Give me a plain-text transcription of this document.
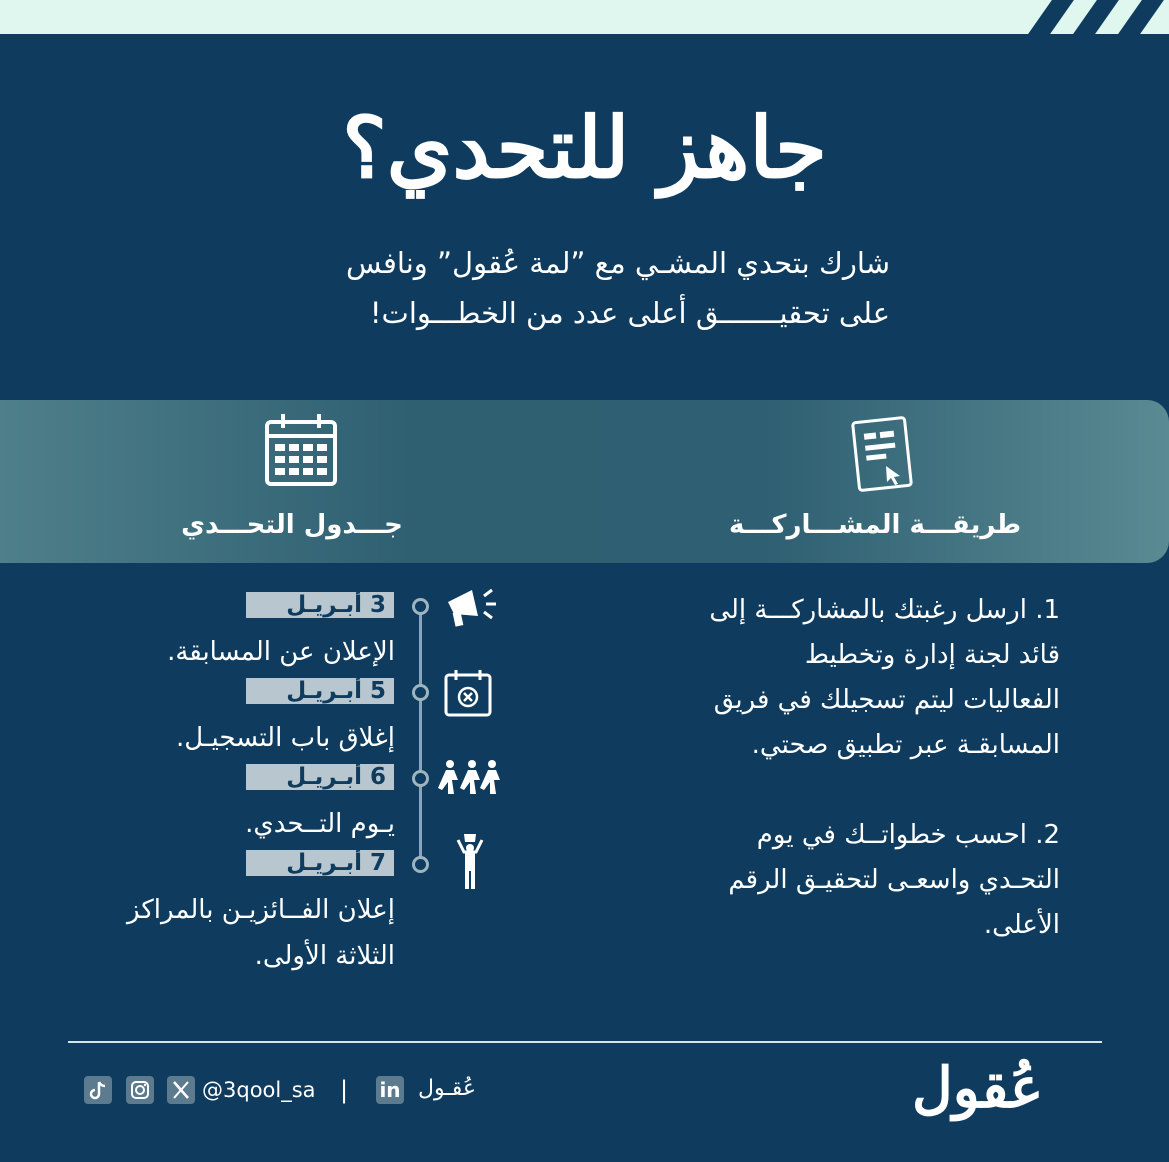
جاهز للتحدي؟
شارك بتحدي المشـي مع ”لمة عُقول” ونافس
على تحقيـــــــق أعلى عدد من الخطـــوات!
طريقـــة المشـــاركـــة
جـــدول التحـــدي
1. ارسل رغبتك بالمشاركـــة إلى قائد لجنة إدارة وتخطيط الفعاليات ليتم تسجيلك في فريق المسابقـة عبر تطبيق صحتي.
2. احسب خطواتــك في يوم التحـدي واسعـى لتحقيـق الرقم الأعلى.
3 أبـريـل
الإعلان عن المسابقة.
5 أبـريـل
إغلاق باب التسجيـل.
6 أبـريـل
يـوم التــحدي.
7 أبـريـل
إعلان الفــائزيـن بالمراكز الثلاثة الأولى.
@3qool_sa | in عُقـول	عُقول
